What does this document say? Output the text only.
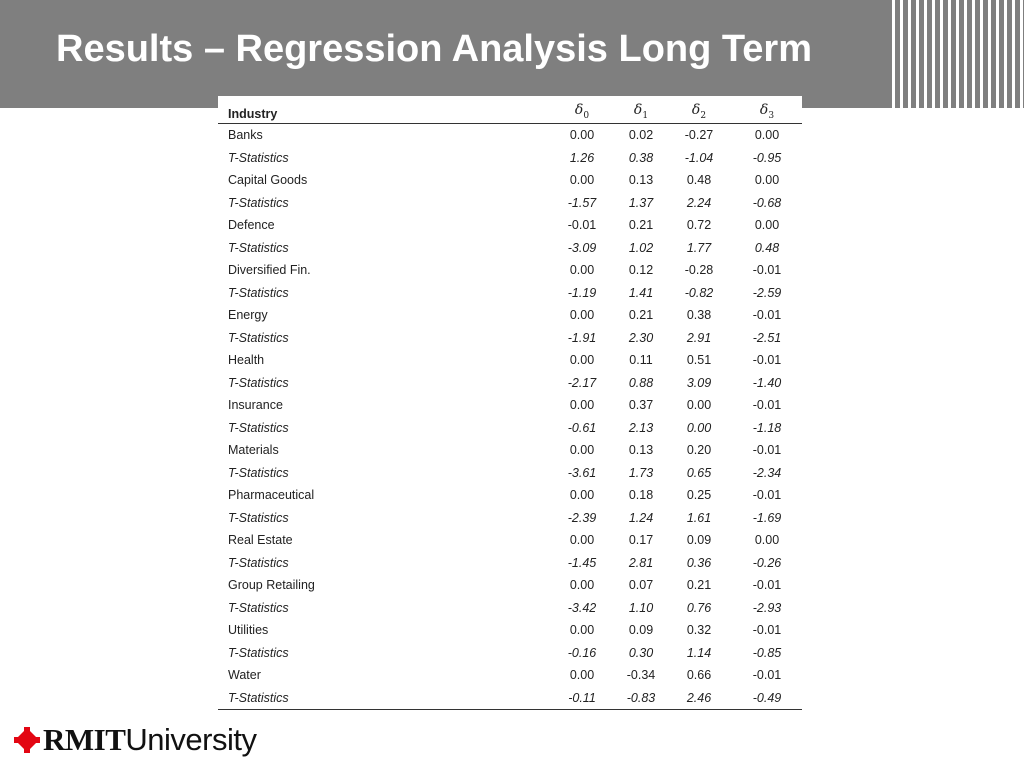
Results – Regression Analysis Long Term
Industry	$\delta_0$	$\delta_1$	$\delta_2$	$\delta_3$
Banks	0.00	0.02	-0.27	0.00
T-Statistics	1.26	0.38	-1.04	-0.95
Capital Goods	0.00	0.13	0.48	0.00
T-Statistics	-1.57	1.37	2.24	-0.68
Defence	-0.01	0.21	0.72	0.00
T-Statistics	-3.09	1.02	1.77	0.48
Diversified Fin.	0.00	0.12	-0.28	-0.01
T-Statistics	-1.19	1.41	-0.82	-2.59
Energy	0.00	0.21	0.38	-0.01
T-Statistics	-1.91	2.30	2.91	-2.51
Health	0.00	0.11	0.51	-0.01
T-Statistics	-2.17	0.88	3.09	-1.40
Insurance	0.00	0.37	0.00	-0.01
T-Statistics	-0.61	2.13	0.00	-1.18
Materials	0.00	0.13	0.20	-0.01
T-Statistics	-3.61	1.73	0.65	-2.34
Pharmaceutical	0.00	0.18	0.25	-0.01
T-Statistics	-2.39	1.24	1.61	-1.69
Real Estate	0.00	0.17	0.09	0.00
T-Statistics	-1.45	2.81	0.36	-0.26
Group Retailing	0.00	0.07	0.21	-0.01
T-Statistics	-3.42	1.10	0.76	-2.93
Utilities	0.00	0.09	0.32	-0.01
T-Statistics	-0.16	0.30	1.14	-0.85
Water	0.00	-0.34	0.66	-0.01
T-Statistics	-0.11	-0.83	2.46	-0.49
RMIT University
